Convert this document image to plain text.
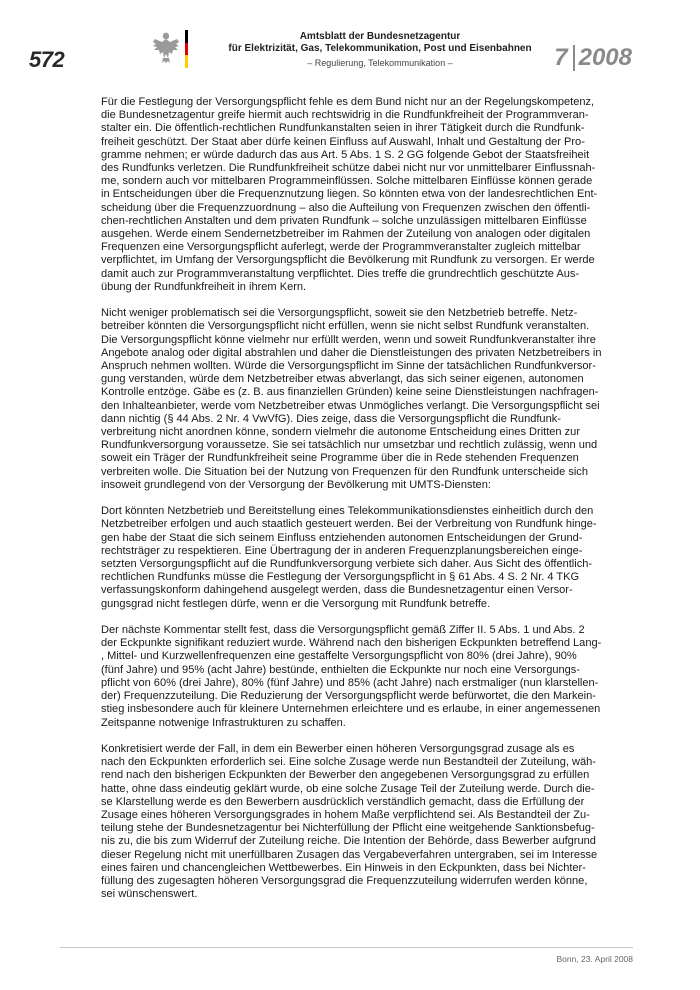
572
Amtsblatt der Bundesnetzagentur
für Elektrizität, Gas, Telekommunikation, Post und Eisenbahnen
– Regulierung, Telekommunikation –	7 2008

Für die Festlegung der Versorgungspflicht fehle es dem Bund nicht nur an der Regelungskompetenz,
die Bundesnetzagentur greife hiermit auch rechtswidrig in die Rundfunkfreiheit der Programmveran-
stalter ein. Die öffentlich-rechtlichen Rundfunkanstalten seien in ihrer Tätigkeit durch die Rundfunk-
freiheit geschützt. Der Staat aber dürfe keinen Einfluss auf Auswahl, Inhalt und Gestaltung der Pro-
gramme nehmen; er würde dadurch das aus Art. 5 Abs. 1 S. 2 GG folgende Gebot der Staatsfreiheit
des Rundfunks verletzen. Die Rundfunkfreiheit schütze dabei nicht nur vor unmittelbarer Einflussnah-
me, sondern auch vor mittelbaren Programmeinflüssen. Solche mittelbaren Einflüsse können gerade
in Entscheidungen über die Frequenznutzung liegen. So könnten etwa von der landesrechtlichen Ent-
scheidung über die Frequenzzuordnung – also die Aufteilung von Frequenzen zwischen den öffentli-
chen-rechtlichen Anstalten und dem privaten Rundfunk – solche unzulässigen mittelbaren Einflüsse
ausgehen. Werde einem Sendernetzbetreiber im Rahmen der Zuteilung von analogen oder digitalen
Frequenzen eine Versorgungspflicht auferlegt, werde der Programmveranstalter zugleich mittelbar
verpflichtet, im Umfang der Versorgungspflicht die Bevölkerung mit Rundfunk zu versorgen. Er werde
damit auch zur Programmveranstaltung verpflichtet. Dies treffe die grundrechtlich geschützte Aus-
übung der Rundfunkfreiheit in ihrem Kern.

Nicht weniger problematisch sei die Versorgungspflicht, soweit sie den Netzbetrieb betreffe. Netz-
betreiber könnten die Versorgungspflicht nicht erfüllen, wenn sie nicht selbst Rundfunk veranstalten.
Die Versorgungspflicht könne vielmehr nur erfüllt werden, wenn und soweit Rundfunkveranstalter ihre
Angebote analog oder digital abstrahlen und daher die Dienstleistungen des privaten Netzbetreibers in
Anspruch nehmen wollten. Würde die Versorgungspflicht im Sinne der tatsächlichen Rundfunkversor-
gung verstanden, würde dem Netzbetreiber etwas abverlangt, das sich seiner eigenen, autonomen
Kontrolle entzöge. Gäbe es (z. B. aus finanziellen Gründen) keine seine Dienstleistungen nachfragen-
den Inhalteanbieter, werde vom Netzbetreiber etwas Unmögliches verlangt. Die Versorgungspflicht sei
dann nichtig (§ 44 Abs. 2 Nr. 4 VwVfG). Dies zeige, dass die Versorgungspflicht die Rundfunk-
verbreitung nicht anordnen könne, sondern vielmehr die autonome Entscheidung eines Dritten zur
Rundfunkversorgung voraussetze. Sie sei tatsächlich nur umsetzbar und rechtlich zulässig, wenn und
soweit ein Träger der Rundfunkfreiheit seine Programme über die in Rede stehenden Frequenzen
verbreiten wolle. Die Situation bei der Nutzung von Frequenzen für den Rundfunk unterscheide sich
insoweit grundlegend von der Versorgung der Bevölkerung mit UMTS-Diensten:

Dort könnten Netzbetrieb und Bereitstellung eines Telekommunikationsdienstes einheitlich durch den
Netzbetreiber erfolgen und auch staatlich gesteuert werden. Bei der Verbreitung von Rundfunk hinge-
gen habe der Staat die sich seinem Einfluss entziehenden autonomen Entscheidungen der Grund-
rechtsträger zu respektieren. Eine Übertragung der in anderen Frequenzplanungsbereichen einge-
setzten Versorgungspflicht auf die Rundfunkversorgung verbiete sich daher. Aus Sicht des öffentlich-
rechtlichen Rundfunks müsse die Festlegung der Versorgungspflicht in § 61 Abs. 4 S. 2 Nr. 4 TKG
verfassungskonform dahingehend ausgelegt werden, dass die Bundesnetzagentur einen Versor-
gungsgrad nicht festlegen dürfe, wenn er die Versorgung mit Rundfunk betreffe.

Der nächste Kommentar stellt fest, dass die Versorgungspflicht gemäß Ziffer II. 5 Abs. 1 und Abs. 2
der Eckpunkte signifikant reduziert wurde. Während nach den bisherigen Eckpunkten betreffend Lang-
, Mittel- und Kurzwellenfrequenzen eine gestaffelte Versorgungspflicht von 80% (drei Jahre), 90%
(fünf Jahre) und 95% (acht Jahre) bestünde, enthielten die Eckpunkte nur noch eine Versorgungs-
pflicht von 60% (drei Jahre), 80% (fünf Jahre) und 85% (acht Jahre) nach erstmaliger (nun klarstellen-
der) Frequenzzuteilung. Die Reduzierung der Versorgungspflicht werde befürwortet, die den Markein-
stieg insbesondere auch für kleinere Unternehmen erleichtere und es erlaube, in einer angemessenen
Zeitspanne notwenige Infrastrukturen zu schaffen.

Konkretisiert werde der Fall, in dem ein Bewerber einen höheren Versorgungsgrad zusage als es
nach den Eckpunkten erforderlich sei. Eine solche Zusage werde nun Bestandteil der Zuteilung, wäh-
rend nach den bisherigen Eckpunkten der Bewerber den angegebenen Versorgungsgrad zu erfüllen
hatte, ohne dass eindeutig geklärt wurde, ob eine solche Zusage Teil der Zuteilung werde. Durch die-
se Klarstellung werde es den Bewerbern ausdrücklich verständlich gemacht, dass die Erfüllung der
Zusage eines höheren Versorgungsgrades in hohem Maße verpflichtend sei. Als Bestandteil der Zu-
teilung stehe der Bundesnetzagentur bei Nichterfüllung der Pflicht eine weitgehende Sanktionsbefug-
nis zu, die bis zum Widerruf der Zuteilung reiche. Die Intention der Behörde, dass Bewerber aufgrund
dieser Regelung nicht mit unerfüllbaren Zusagen das Vergabeverfahren untergraben, sei im Interesse
eines fairen und chancengleichen Wettbewerbes. Ein Hinweis in den Eckpunkten, dass bei Nichter-
füllung des zugesagten höheren Versorgungsgrad die Frequenzzuteilung widerrufen werden könne,
sei wünschenswert.

Bonn, 23. April 2008
